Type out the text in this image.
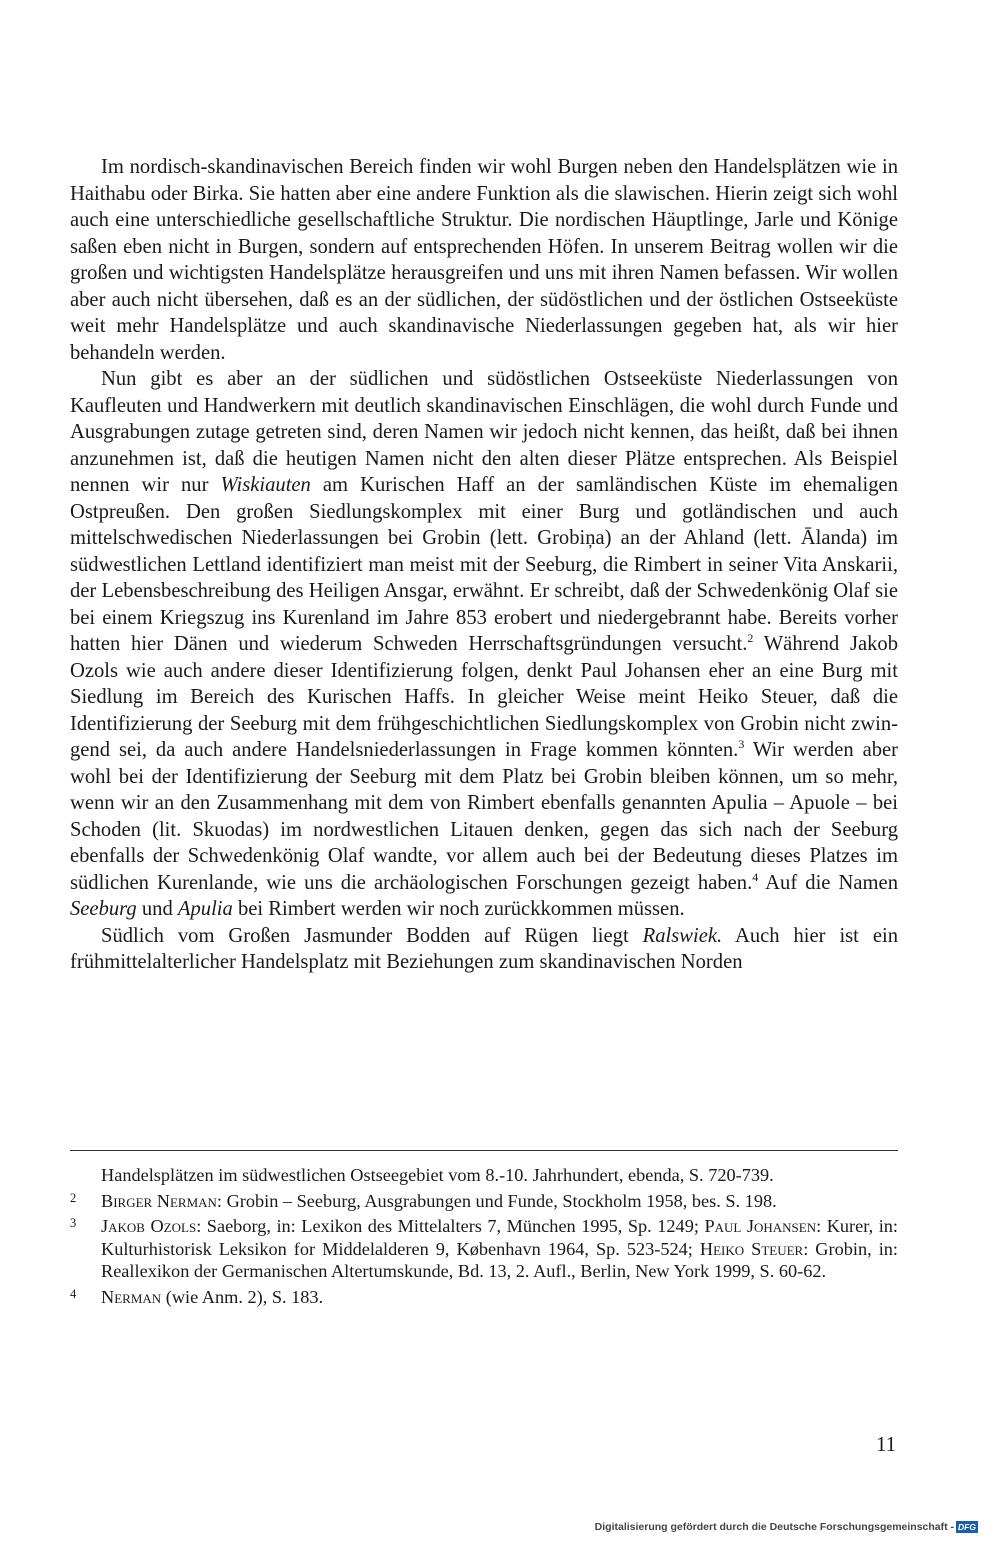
Im nordisch-skandinavischen Bereich finden wir wohl Burgen neben den Handelsplätzen wie in Haithabu oder Birka. Sie hatten aber eine andere Funktion als die slawischen. Hierin zeigt sich wohl auch eine unterschiedliche gesellschaftliche Struktur. Die nordischen Häuptlinge, Jarle und Könige saßen eben nicht in Burgen, sondern auf entsprechenden Höfen. In unserem Beitrag wollen wir die großen und wichtigsten Handelsplätze herausgreifen und uns mit ihren Namen befassen. Wir wollen aber auch nicht übersehen, daß es an der südlichen, der südöstlichen und der östlichen Ostseeküste weit mehr Handelsplätze und auch skandinavische Niederlassungen gegeben hat, als wir hier behandeln werden.

Nun gibt es aber an der südlichen und südöstlichen Ostseeküste Niederlassungen von Kaufleuten und Handwerkern mit deutlich skandinavischen Einschlägen, die wohl durch Funde und Ausgrabungen zutage getreten sind, deren Namen wir jedoch nicht kennen, das heißt, daß bei ihnen anzunehmen ist, daß die heutigen Namen nicht den alten dieser Plätze entsprechen. Als Beispiel nennen wir nur Wiskiauten am Kurischen Haff an der samländischen Küste im ehemaligen Ostpreußen. Den großen Siedlungskomplex mit einer Burg und gotländischen und auch mittelschwedischen Niederlassungen bei Grobin (lett. Grobiņa) an der Ahland (lett. Ālanda) im südwestlichen Lettland identifiziert man meist mit der Seeburg, die Rimbert in seiner Vita Anskarii, der Lebensbeschreibung des Heiligen Ansgar, erwähnt. Er schreibt, daß der Schwedenkönig Olaf sie bei einem Kriegszug ins Kurenland im Jahre 853 erobert und niedergebrannt habe. Bereits vorher hatten hier Dänen und wiederum Schweden Herrschaftsgründungen versucht.$^2$ Während Jakob Ozols wie auch andere dieser Identifizierung folgen, denkt Paul Johansen eher an eine Burg mit Siedlung im Bereich des Kurischen Haffs. In gleicher Weise meint Heiko Steuer, daß die Identifizierung der Seeburg mit dem frühgeschichtlichen Siedlungskomplex von Grobin nicht zwingend sei, da auch andere Handelsniederlassungen in Frage kommen könnten.$^3$ Wir werden aber wohl bei der Identifizierung der Seeburg mit dem Platz bei Grobin bleiben können, um so mehr, wenn wir an den Zusammenhang mit dem von Rimbert ebenfalls genannten Apulia – Apuole – bei Schoden (lit. Skuodas) im nordwestlichen Litauen denken, gegen das sich nach der Seeburg ebenfalls der Schwedenkönig Olaf wandte, vor allem auch bei der Bedeutung dieses Platzes im südlichen Kurenlande, wie uns die archäologischen Forschungen gezeigt haben.$^4$ Auf die Namen Seeburg und Apulia bei Rimbert werden wir noch zurückkommen müssen.

Südlich vom Großen Jasmunder Bodden auf Rügen liegt Ralswiek. Auch hier ist ein frühmittelalterlicher Handelsplatz mit Beziehungen zum skandinavischen Norden

Handelsplätzen im südwestlichen Ostseegebiet vom 8.-10. Jahrhundert, ebenda, S. 720-739.
2	Birger Nerman: Grobin – Seeburg, Ausgrabungen und Funde, Stockholm 1958, bes. S. 198.
3	Jakob Ozols: Saeborg, in: Lexikon des Mittelalters 7, München 1995, Sp. 1249; Paul Johansen: Kurer, in: Kulturhistorisk Leksikon for Middelalderen 9, København 1964, Sp. 523-524; Heiko Steuer: Grobin, in: Reallexikon der Germanischen Altertumskunde, Bd. 13, 2. Aufl., Berlin, New York 1999, S. 60-62.
4	Nerman (wie Anm. 2), S. 183.
11
Digitalisierung gefördert durch die Deutsche Forschungsgemeinschaft - DFG
